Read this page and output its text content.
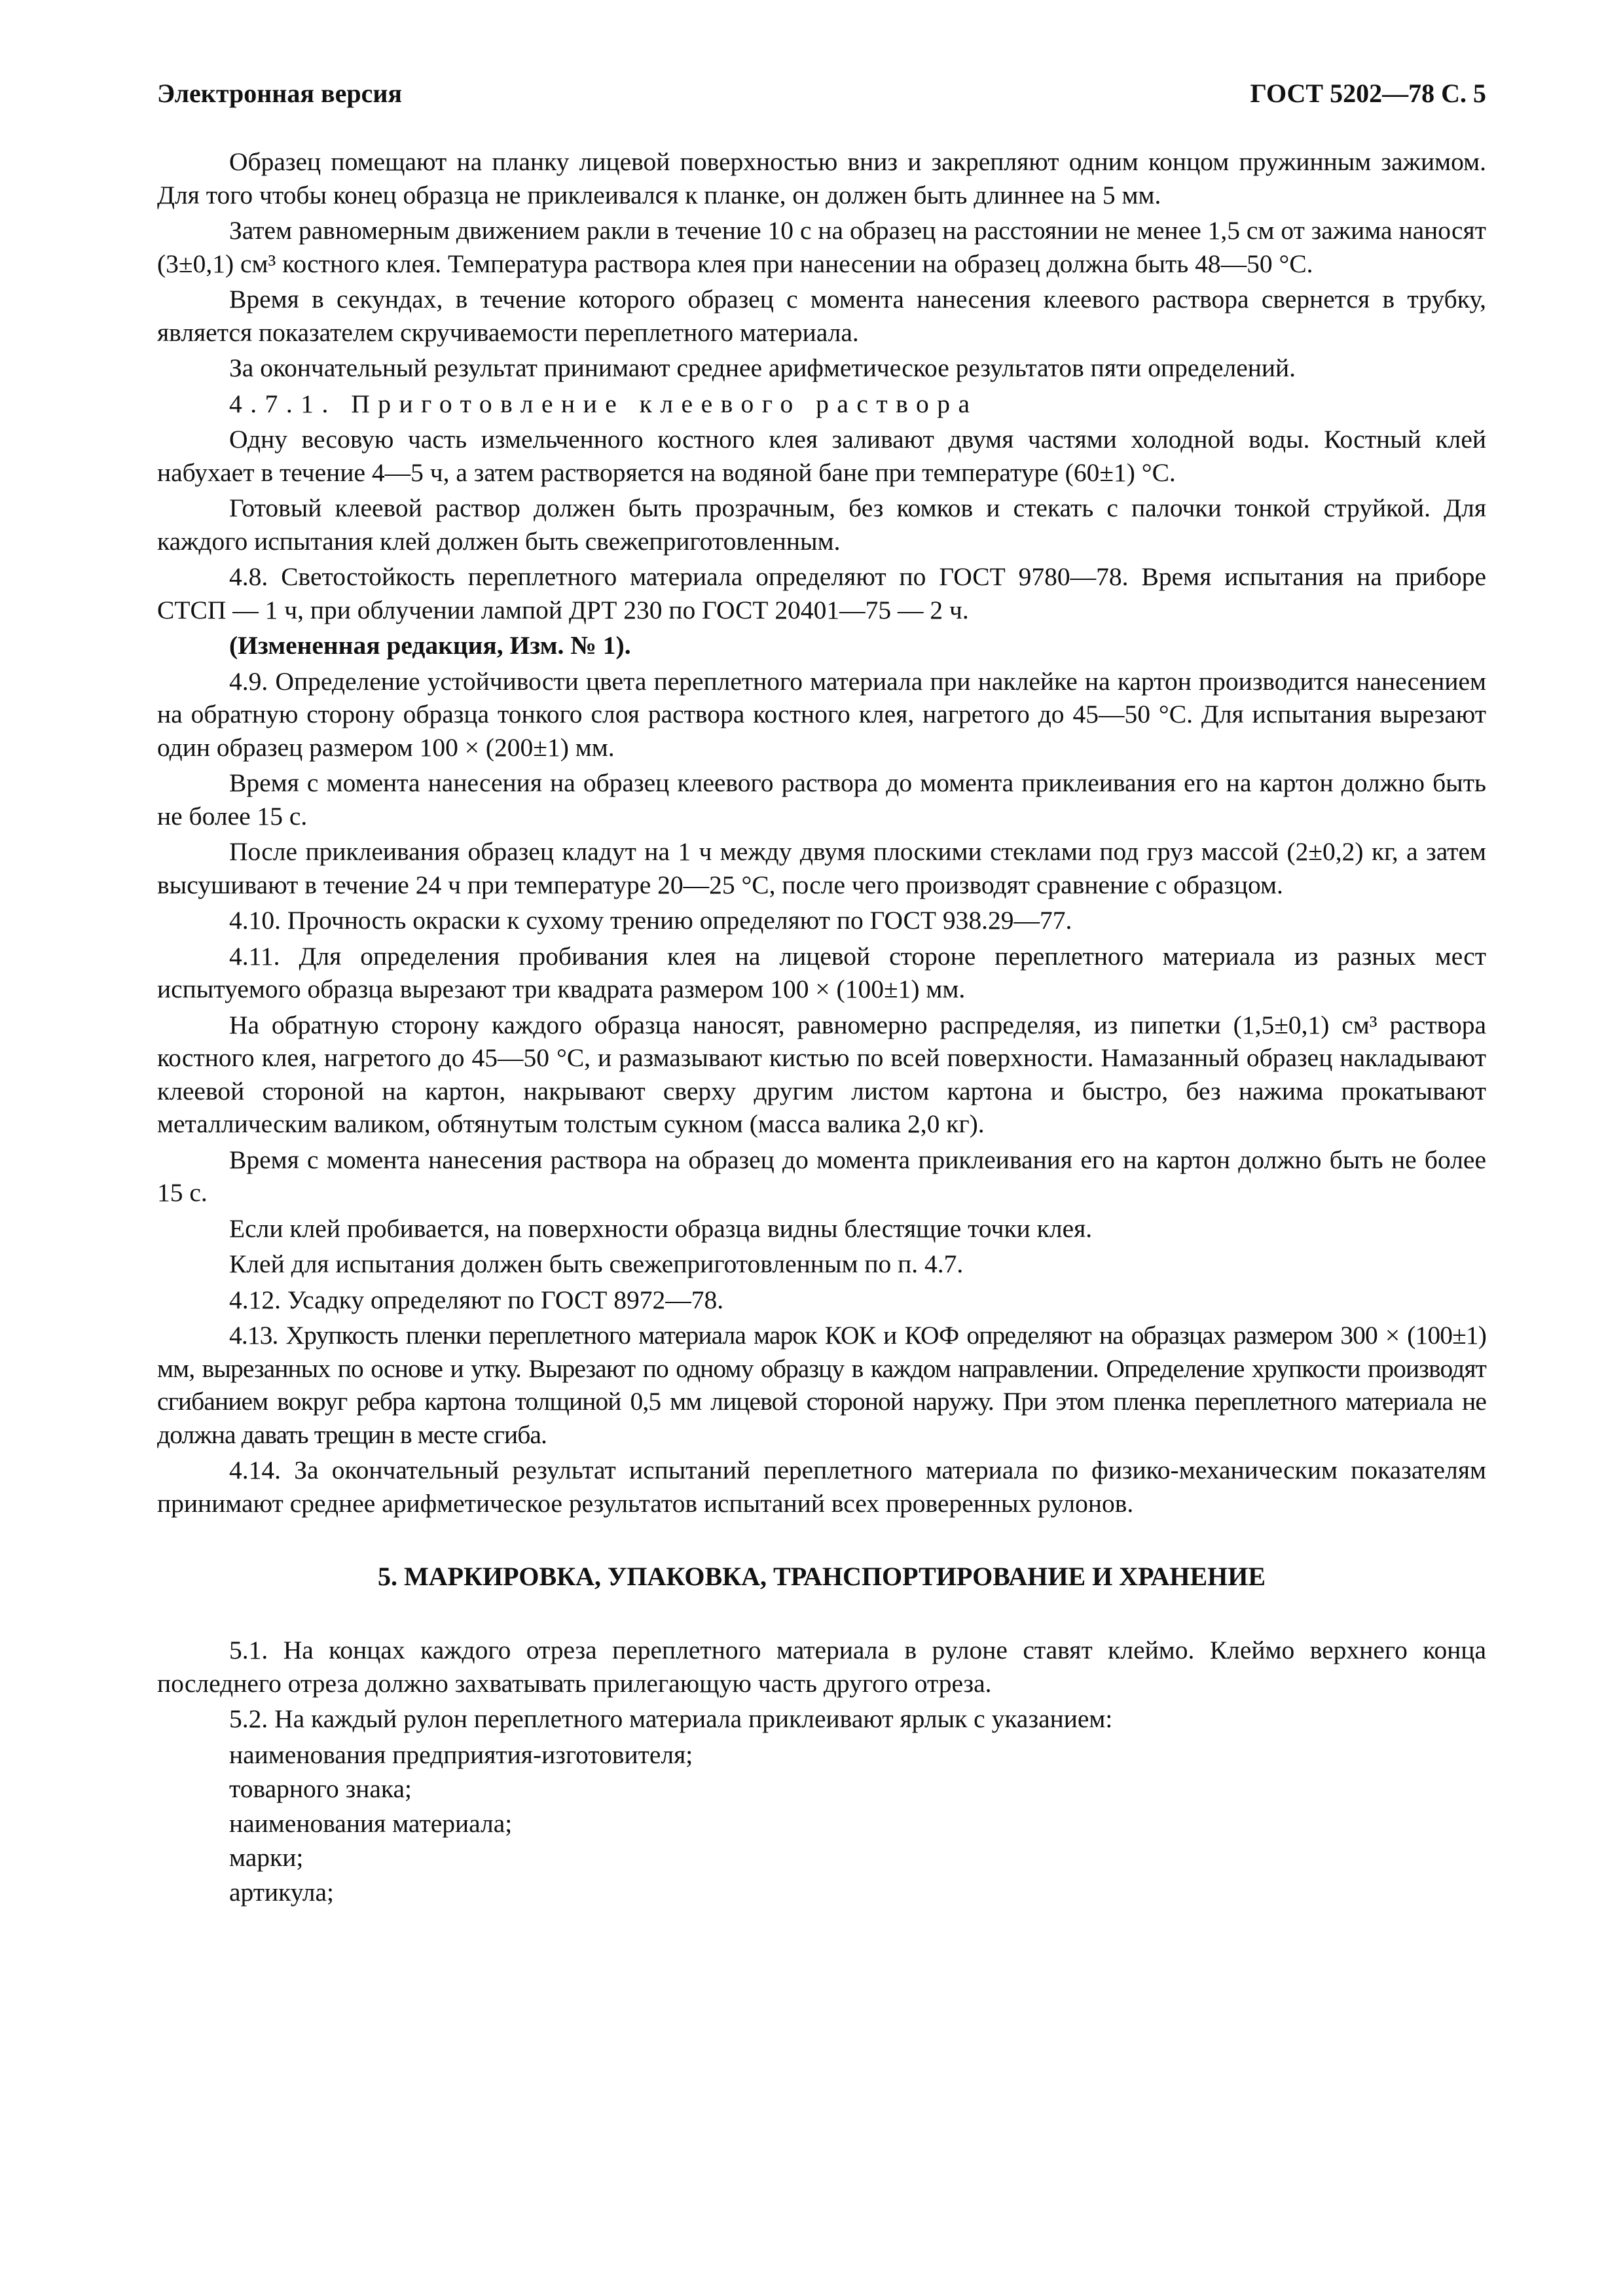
Электронная версия	ГОСТ 5202—78 С. 5

Образец помещают на планку лицевой поверхностью вниз и закрепляют одним концом пружинным зажимом. Для того чтобы конец образца не приклеивался к планке, он должен быть длиннее на 5 мм.

Затем равномерным движением ракли в течение 10 с на образец на расстоянии не менее 1,5 см от зажима наносят (3±0,1) см³ костного клея. Температура раствора клея при нанесении на образец должна быть 48—50 °С.

Время в секундах, в течение которого образец с момента нанесения клеевого раствора свернется в трубку, является показателем скручиваемости переплетного материала.

За окончательный результат принимают среднее арифметическое результатов пяти определений.

4.7.1. Приготовление клеевого раствора

Одну весовую часть измельченного костного клея заливают двумя частями холодной воды. Костный клей набухает в течение 4—5 ч, а затем растворяется на водяной бане при температуре (60±1) °С.

Готовый клеевой раствор должен быть прозрачным, без комков и стекать с палочки тонкой струйкой. Для каждого испытания клей должен быть свежеприготовленным.

4.8. Светостойкость переплетного материала определяют по ГОСТ 9780—78. Время испытания на приборе СТСП — 1 ч, при облучении лампой ДРТ 230 по ГОСТ 20401—75 — 2 ч.

(Измененная редакция, Изм. № 1).

4.9. Определение устойчивости цвета переплетного материала при наклейке на картон производится нанесением на обратную сторону образца тонкого слоя раствора костного клея, нагретого до 45—50 °С. Для испытания вырезают один образец размером 100 × (200±1) мм.

Время с момента нанесения на образец клеевого раствора до момента приклеивания его на картон должно быть не более 15 с.

После приклеивания образец кладут на 1 ч между двумя плоскими стеклами под груз массой (2±0,2) кг, а затем высушивают в течение 24 ч при температуре 20—25 °С, после чего производят сравнение с образцом.

4.10. Прочность окраски к сухому трению определяют по ГОСТ 938.29—77.

4.11. Для определения пробивания клея на лицевой стороне переплетного материала из разных мест испытуемого образца вырезают три квадрата размером 100 × (100±1) мм.

На обратную сторону каждого образца наносят, равномерно распределяя, из пипетки (1,5±0,1) см³ раствора костного клея, нагретого до 45—50 °С, и размазывают кистью по всей поверхности. Намазанный образец накладывают клеевой стороной на картон, накрывают сверху другим листом картона и быстро, без нажима прокатывают металлическим валиком, обтянутым толстым сукном (масса валика 2,0 кг).

Время с момента нанесения раствора на образец до момента приклеивания его на картон должно быть не более 15 с.

Если клей пробивается, на поверхности образца видны блестящие точки клея.

Клей для испытания должен быть свежеприготовленным по п. 4.7.

4.12. Усадку определяют по ГОСТ 8972—78.

4.13. Хрупкость пленки переплетного материала марок КОК и КОФ определяют на образцах размером 300 × (100±1) мм, вырезанных по основе и утку. Вырезают по одному образцу в каждом направлении. Определение хрупкости производят сгибанием вокруг ребра картона толщиной 0,5 мм лицевой стороной наружу. При этом пленка переплетного материала не должна давать трещин в месте сгиба.

4.14. За окончательный результат испытаний переплетного материала по физико-механическим показателям принимают среднее арифметическое результатов испытаний всех проверенных рулонов.

5. МАРКИРОВКА, УПАКОВКА, ТРАНСПОРТИРОВАНИЕ И ХРАНЕНИЕ

5.1. На концах каждого отреза переплетного материала в рулоне ставят клеймо. Клеймо верхнего конца последнего отреза должно захватывать прилегающую часть другого отреза.

5.2. На каждый рулон переплетного материала приклеивают ярлык с указанием:

наименования предприятия-изготовителя;
товарного знака;
наименования материала;
марки;
артикула;
